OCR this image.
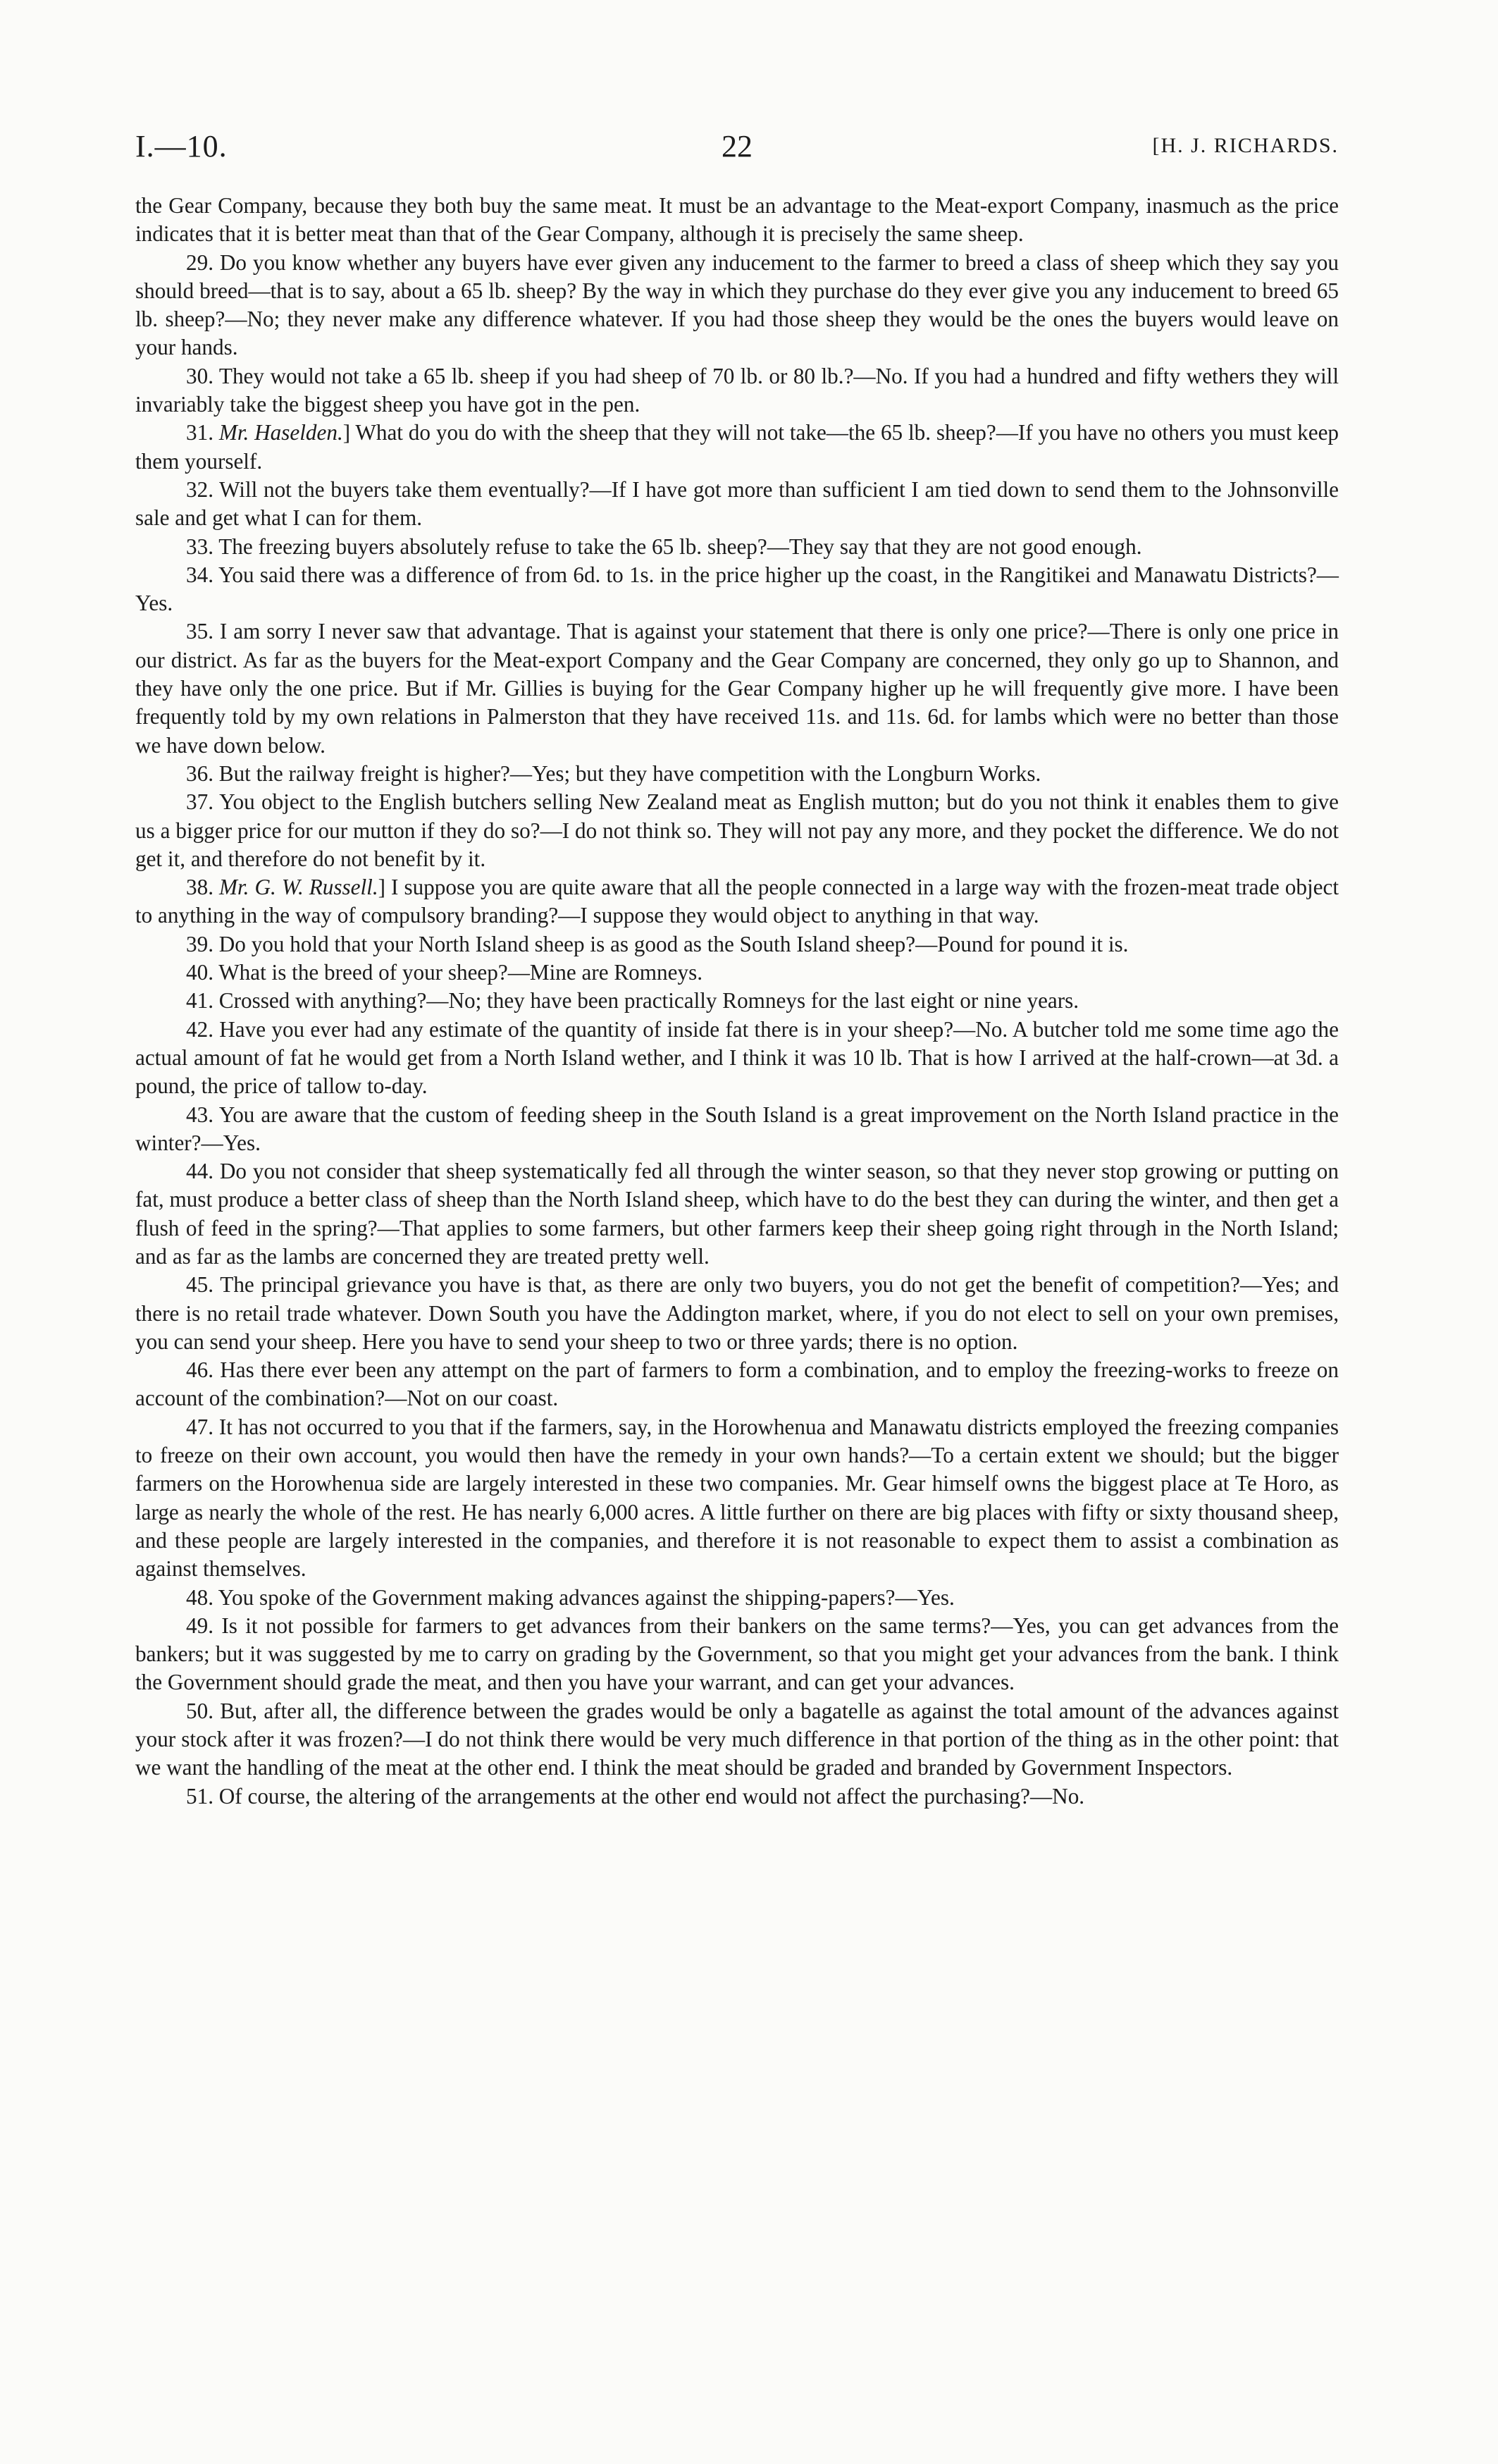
I.—10.	22	[H. J. RICHARDS.

the Gear Company, because they both buy the same meat. It must be an advantage to the Meat-export Company, inasmuch as the price indicates that it is better meat than that of the Gear Company, although it is precisely the same sheep.

29. Do you know whether any buyers have ever given any inducement to the farmer to breed a class of sheep which they say you should breed—that is to say, about a 65 lb. sheep? By the way in which they purchase do they ever give you any inducement to breed 65 lb. sheep?—No; they never make any difference whatever. If you had those sheep they would be the ones the buyers would leave on your hands.

30. They would not take a 65 lb. sheep if you had sheep of 70 lb. or 80 lb.?—No. If you had a hundred and fifty wethers they will invariably take the biggest sheep you have got in the pen.

31. Mr. Haselden.] What do you do with the sheep that they will not take—the 65 lb. sheep?—If you have no others you must keep them yourself.

32. Will not the buyers take them eventually?—If I have got more than sufficient I am tied down to send them to the Johnsonville sale and get what I can for them.

33. The freezing buyers absolutely refuse to take the 65 lb. sheep?—They say that they are not good enough.

34. You said there was a difference of from 6d. to 1s. in the price higher up the coast, in the Rangitikei and Manawatu Districts?—Yes.

35. I am sorry I never saw that advantage. That is against your statement that there is only one price?—There is only one price in our district. As far as the buyers for the Meat-export Company and the Gear Company are concerned, they only go up to Shannon, and they have only the one price. But if Mr. Gillies is buying for the Gear Company higher up he will frequently give more. I have been frequently told by my own relations in Palmerston that they have received 11s. and 11s. 6d. for lambs which were no better than those we have down below.

36. But the railway freight is higher?—Yes; but they have competition with the Longburn Works.

37. You object to the English butchers selling New Zealand meat as English mutton; but do you not think it enables them to give us a bigger price for our mutton if they do so?—I do not think so. They will not pay any more, and they pocket the difference. We do not get it, and therefore do not benefit by it.

38. Mr. G. W. Russell.] I suppose you are quite aware that all the people connected in a large way with the frozen-meat trade object to anything in the way of compulsory branding?—I suppose they would object to anything in that way.

39. Do you hold that your North Island sheep is as good as the South Island sheep?—Pound for pound it is.

40. What is the breed of your sheep?—Mine are Romneys.

41. Crossed with anything?—No; they have been practically Romneys for the last eight or nine years.

42. Have you ever had any estimate of the quantity of inside fat there is in your sheep?—No. A butcher told me some time ago the actual amount of fat he would get from a North Island wether, and I think it was 10 lb. That is how I arrived at the half-crown—at 3d. a pound, the price of tallow to-day.

43. You are aware that the custom of feeding sheep in the South Island is a great improvement on the North Island practice in the winter?—Yes.

44. Do you not consider that sheep systematically fed all through the winter season, so that they never stop growing or putting on fat, must produce a better class of sheep than the North Island sheep, which have to do the best they can during the winter, and then get a flush of feed in the spring?—That applies to some farmers, but other farmers keep their sheep going right through in the North Island; and as far as the lambs are concerned they are treated pretty well.

45. The principal grievance you have is that, as there are only two buyers, you do not get the benefit of competition?—Yes; and there is no retail trade whatever. Down South you have the Addington market, where, if you do not elect to sell on your own premises, you can send your sheep. Here you have to send your sheep to two or three yards; there is no option.

46. Has there ever been any attempt on the part of farmers to form a combination, and to employ the freezing-works to freeze on account of the combination?—Not on our coast.

47. It has not occurred to you that if the farmers, say, in the Horowhenua and Manawatu districts employed the freezing companies to freeze on their own account, you would then have the remedy in your own hands?—To a certain extent we should; but the bigger farmers on the Horowhenua side are largely interested in these two companies. Mr. Gear himself owns the biggest place at Te Horo, as large as nearly the whole of the rest. He has nearly 6,000 acres. A little further on there are big places with fifty or sixty thousand sheep, and these people are largely interested in the companies, and therefore it is not reasonable to expect them to assist a combination as against themselves.

48. You spoke of the Government making advances against the shipping-papers?—Yes.

49. Is it not possible for farmers to get advances from their bankers on the same terms?—Yes, you can get advances from the bankers; but it was suggested by me to carry on grading by the Government, so that you might get your advances from the bank. I think the Government should grade the meat, and then you have your warrant, and can get your advances.

50. But, after all, the difference between the grades would be only a bagatelle as against the total amount of the advances against your stock after it was frozen?—I do not think there would be very much difference in that portion of the thing as in the other point: that we want the handling of the meat at the other end. I think the meat should be graded and branded by Government Inspectors.

51. Of course, the altering of the arrangements at the other end would not affect the purchasing?—No.
